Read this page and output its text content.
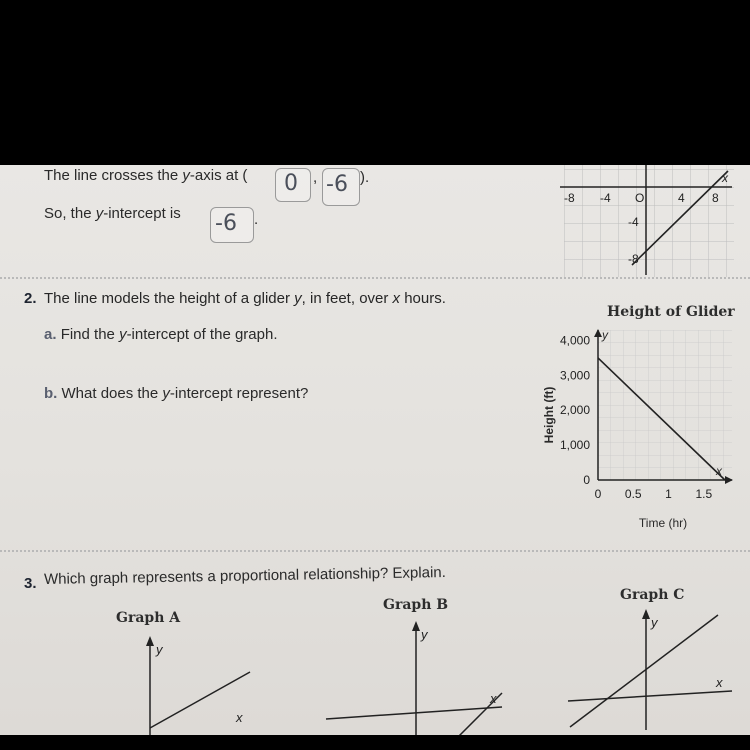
The line crosses the y-axis at ( 0 , -6 ).
So, the y-intercept is -6 .
-8 -4 O	4 8
-4
-8
x
2. The line models the height of a glider y, in feet, over x hours.
a. Find the y-intercept of the graph.
b. What does the y-intercept represent?
Height of Glider
0
1,000
2,000
3,000
4,000
0 0.5 1 1.5
Height (ft)
Time (hr)
y
x
3. Which graph represents a proportional relationship? Explain.
Graph A
Graph B
Graph C
y
x
y
x
y
x
